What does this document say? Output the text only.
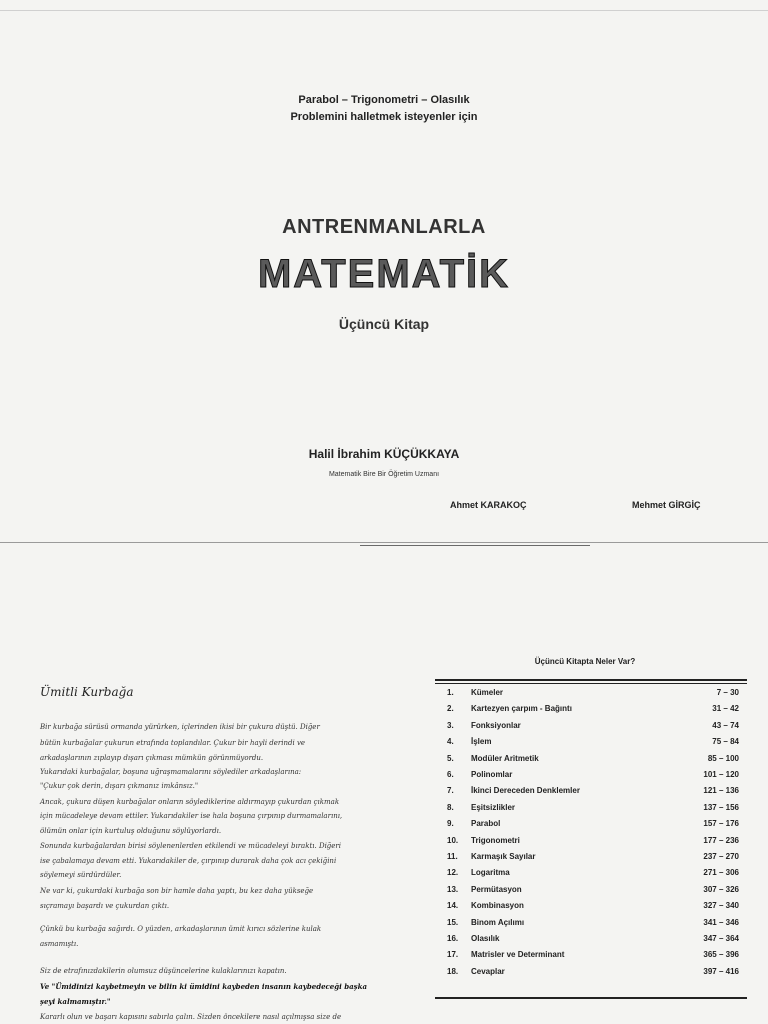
Parabol – Trigonometri – Olasılık
Problemini halletmek isteyenler için
ANTRENMANLARLA
MATEMATİK
Üçüncü Kitap
Halil İbrahim KÜÇÜKKAYA
Matematik Bire Bir Öğretim Uzmanı
Ahmet KARAKOÇ	Mehmet GİRGİÇ
Ümitli Kurbağa
Bir kurbağa sürüsü ormanda yürürken, içlerinden ikisi bir çukura düştü. Diğer
bütün kurbağalar çukurun etrafında toplandılar. Çukur bir hayli derindi ve
arkadaşlarının zıplayıp dışarı çıkması mümkün görünmüyordu.
Yukarıdaki kurbağalar, boşuna uğraşmamalarını söylediler arkadaşlarına:
"Çukur çok derin, dışarı çıkmanız imkânsız."
Ancak, çukura düşen kurbağalar onların söylediklerine aldırmayıp çukurdan çıkmak
için mücadeleye devam ettiler. Yukarıdakiler ise hala boşuna çırpınıp durmamalarını,
ölümün onlar için kurtuluş olduğunu söylüyorlardı.
Sonunda kurbağalardan birisi söylenenlerden etkilendi ve mücadeleyi bıraktı. Diğeri
ise çabalamaya devam etti. Yukarıdakiler de, çırpınıp durarak daha çok acı çekiğini
söylemeyi sürdürdüler.
Ne var ki, çukurdaki kurbağa son bir hamle daha yaptı, bu kez daha yükseğe
sıçramayı başardı ve çukurdan çıktı.
Çünkü bu kurbağa sağırdı. O yüzden, arkadaşlarının ümit kırıcı sözlerine kulak
asmamıştı.
Siz de etrafınızdakilerin olumsuz düşüncelerine kulaklarınızı kapatın.
Ve "Ümidinizi kaybetmeyin ve bilin ki ümidini kaybeden insanın kaybedeceği başka
şeyi kalmamıştır."
Kararlı olun ve başarı kapısını sabırla çalın. Sizden öncekilere nasıl açılmışsa size de
Üçüncü Kitapta Neler Var?
1. Kümeler	7 – 30
2. Kartezyen çarpım - Bağıntı	31 – 42
3. Fonksiyonlar	43 – 74
4. İşlem	75 – 84
5. Modüler Aritmetik	85 – 100
6. Polinomlar	101 – 120
7. İkinci Dereceden Denklemler	121 – 136
8. Eşitsizlikler	137 – 156
9. Parabol	157 – 176
10. Trigonometri	177 – 236
11. Karmaşık Sayılar	237 – 270
12. Logaritma	271 – 306
13. Permütasyon	307 – 326
14. Kombinasyon	327 – 340
15. Binom Açılımı	341 – 346
16. Olasılık	347 – 364
17. Matrisler ve Determinant	365 – 396
18. Cevaplar	397 – 416
